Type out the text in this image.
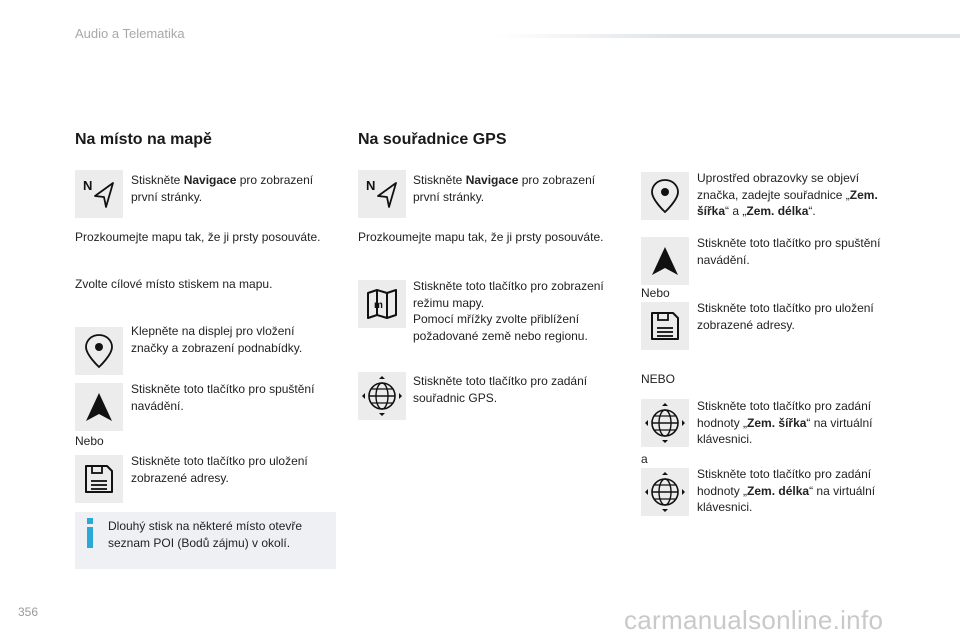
Audio a Telematika
Na místo na mapě
N	Stiskněte Navigace pro zobrazení
první stránky.
Prozkoumejte mapu tak, že ji prsty posouváte.
Zvolte cílové místo stiskem na mapu.
Klepněte na displej pro vložení
značky a zobrazení podnabídky.
Stiskněte toto tlačítko pro spuštění
navádění.
Nebo
Stiskněte toto tlačítko pro uložení
zobrazené adresy.
Dlouhý stisk na některé místo otevře
seznam POI (Bodů zájmu) v okolí.
Na souřadnice GPS
N	Stiskněte Navigace pro zobrazení
první stránky.
Prozkoumejte mapu tak, že ji prsty posouváte.
m
Stiskněte toto tlačítko pro zobrazení
režimu mapy.
Pomocí mřížky zvolte přiblížení
požadované země nebo regionu.
Stiskněte toto tlačítko pro zadání
souřadnic GPS.
Uprostřed obrazovky se objeví
značka, zadejte souřadnice „Zem.
šířka“ a „Zem. délka“.
Stiskněte toto tlačítko pro spuštění
navádění.
Nebo
Stiskněte toto tlačítko pro uložení
zobrazené adresy.
NEBO
Stiskněte toto tlačítko pro zadání
hodnoty „Zem. šířka“ na virtuální
klávesnici.
a
Stiskněte toto tlačítko pro zadání
hodnoty „Zem. délka“ na virtuální
klávesnici.
356	carmanualsonline.info
